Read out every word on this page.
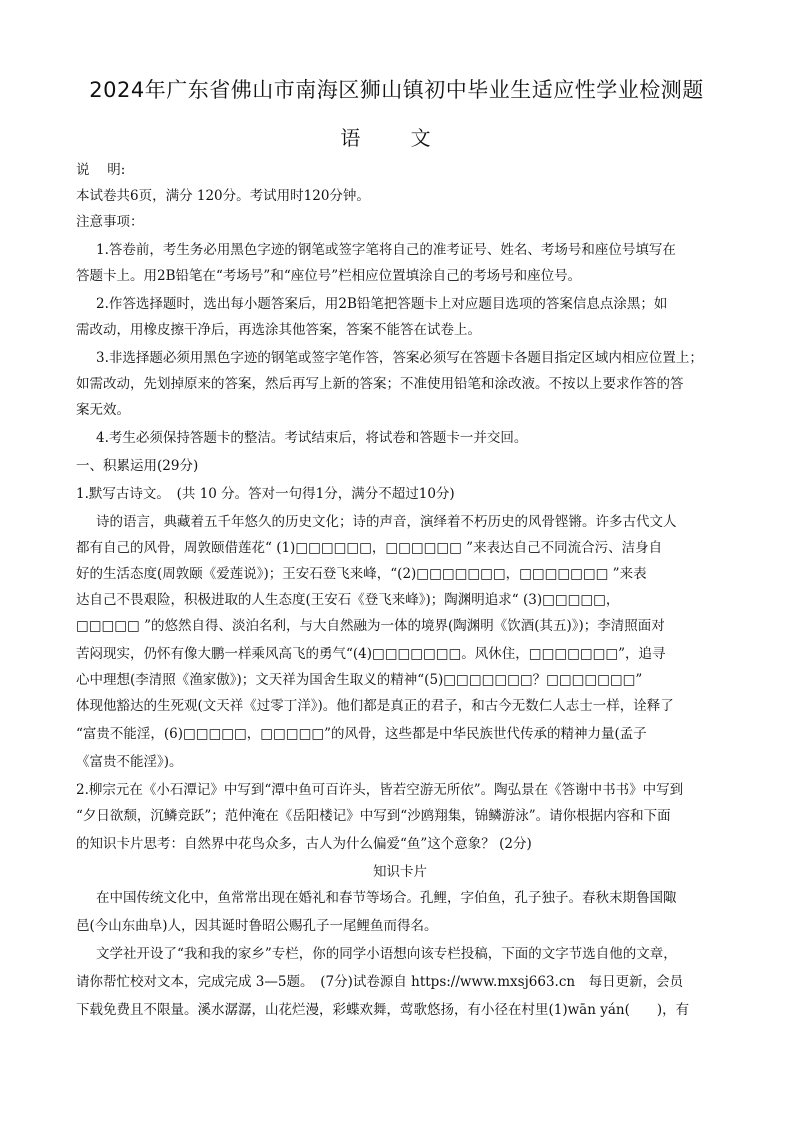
2024年广东省佛山市南海区狮山镇初中毕业生适应性学业检测题
语 文
说　 明:
本试卷共6页，满分 120分。考试用时120分钟。
注意事项：
1.答卷前，考生务必用黑色字迹的钢笔或签字笔将自己的准考证号、姓名、考场号和座位号填写在
答题卡上。用2B铅笔在“考场号”和“座位号”栏相应位置填涂自己的考场号和座位号。
2.作答选择题时，选出每小题答案后，用2B铅笔把答题卡上对应题目选项的答案信息点涂黑；如
需改动，用橡皮擦干净后，再选涂其他答案，答案不能答在试卷上。
3.非选择题必须用黑色字迹的钢笔或签字笔作答，答案必须写在答题卡各题目指定区域内相应位置上；
如需改动，先划掉原来的答案，然后再写上新的答案；不准使用铅笔和涂改液。不按以上要求作答的答
案无效。
4.考生必须保持答题卡的整洁。考试结束后，将试卷和答题卡一并交回。
一、积累运用(29分)
1.默写古诗文。　(共 10 分。答对一句得1分，满分不超过10分)
诗的语言，典藏着五千年悠久的历史文化；诗的声音，演绎着不朽历史的风骨铿锵。许多古代文人
都有自己的风骨，周敦颐借莲花“ (1)□□□□□□，□□□□□□ ”来表达自己不同流合污、洁身自
好的生活态度(周敦颐《爱莲说》)；王安石登飞来峰，“(2)□□□□□□□，□□□□□□□ ”来表
达自己不畏艰险，积极进取的人生态度(王安石《登飞来峰》)；陶渊明追求“ (3)□□□□□，
□□□□□ ”的悠然自得、淡泊名利，与大自然融为一体的境界(陶渊明《饮酒(其五)》)；李清照面对
苦闷现实，仍怀有像大鹏一样乘风高飞的勇气“(4)□□□□□□□。风休住，□□□□□□□”，追寻
心中理想(李清照《渔家傲》)；文天祥为国舍生取义的精神“(5)□□□□□□□？□□□□□□□”
体现他豁达的生死观(文天祥《过零丁洋》)。他们都是真正的君子，和古今无数仁人志士一样，诠释了
“富贵不能淫，(6)□□□□□，□□□□□”的风骨，这些都是中华民族世代传承的精神力量(孟子
《富贵不能淫》)。
2.柳宗元在《小石潭记》中写到“潭中鱼可百许头，皆若空游无所依”。陶弘景在《答谢中书书》中写到
“夕日欲颓，沉鳞竞跃”；范仲淹在《岳阳楼记》中写到“沙鸥翔集，锦鳞游泳”。请你根据内容和下面
的知识卡片思考：自然界中花鸟众多，古人为什么偏爱“鱼”这个意象？ (2分)
知识卡片
在中国传统文化中，鱼常常出现在婚礼和春节等场合。孔鲤，字伯鱼，孔子独子。春秋末期鲁国陬
邑(今山东曲阜)人，因其诞时鲁昭公赐孔子一尾鲤鱼而得名。
文学社开设了“我和我的家乡”专栏，你的同学小语想向该专栏投稿，下面的文字节选自他的文章，
请你帮忙校对文本，完成完成 3—5题。　(7分)试卷源自 https://www.mxsj663.cn　每日更新，会员
下载免费且不限量。溪水潺潺，山花烂漫，彩蝶欢舞，莺歌悠扬，有小径在村里(1)wān yán(　　)，有
